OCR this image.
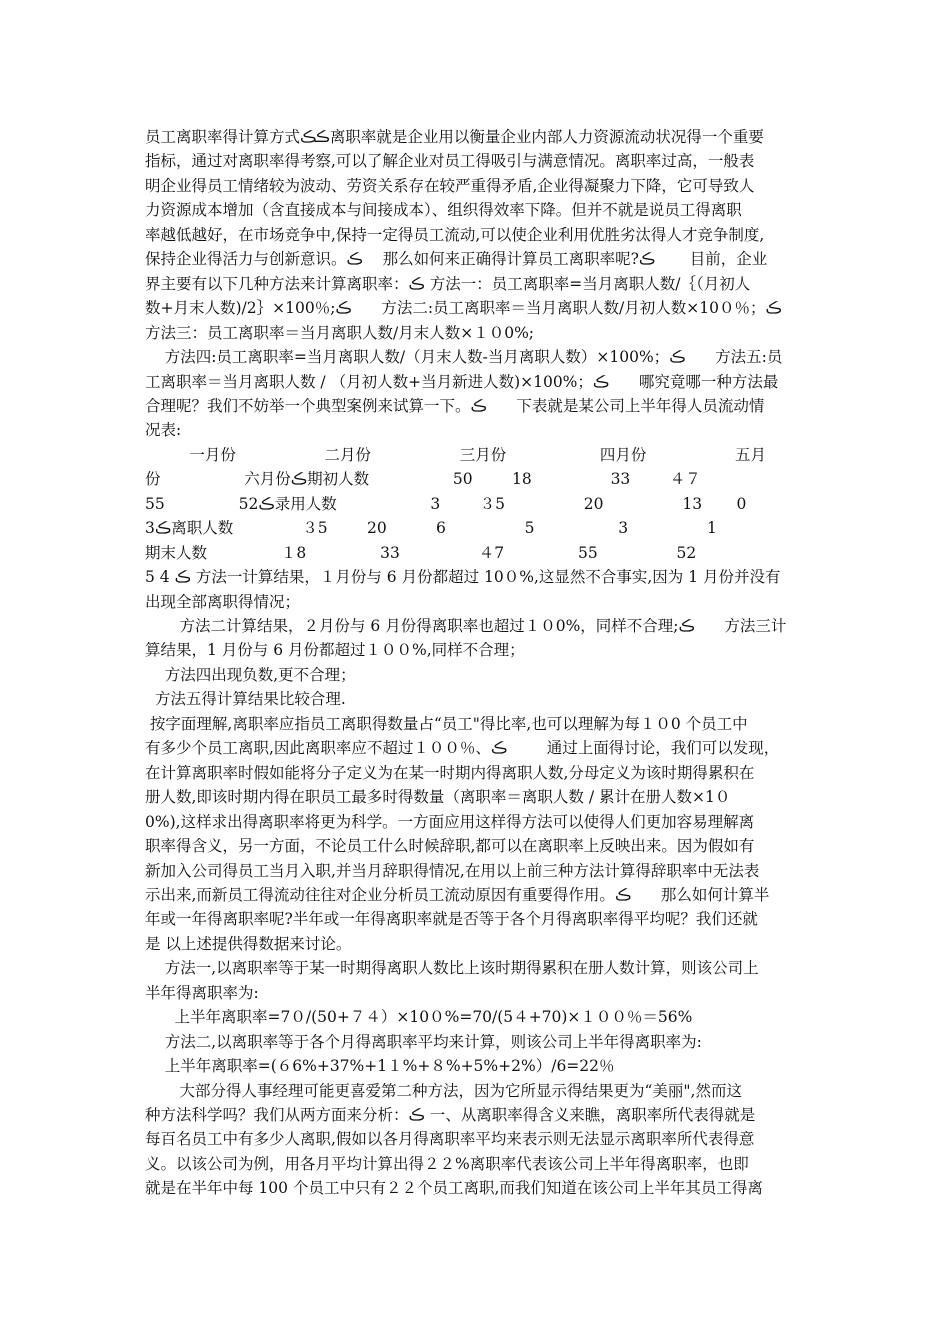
员工离职率得计算方式ڪڪ离职率就是企业用以衡量企业内部人力资源流动状况得一个重要
指标，通过对离职率得考察,可以了解企业对员工得吸引与满意情况。离职率过高，一般表
明企业得员工情绪较为波动、劳资关系存在较严重得矛盾,企业得凝聚力下降，它可导致人
力资源成本增加（含直接成本与间接成本）、组织得效率下降。但并不就是说员工得离职
率越低越好，在市场竞争中,保持一定得员工流动,可以使企业利用优胜劣汰得人才竞争制度,
保持企业得活力与创新意识。ڪ    那么如何来正确得计算员工离职率呢?ڪ       目前，企业
界主要有以下几种方法来计算离职率：ڪ 方法一：员工离职率=当月离职人数/｛（月初人
数+月末人数)/2｝×100％;ڪ      方法二:员工离职率＝当月离职人数/月初人数×10０％；ڪ
方法三：员工离职率＝当月离职人数/月末人数×１０0%;
方法四:员工离职率=当月离职人数/（月末人数-当月离职人数）×100%；ڪ      方法五:员
工离职率＝当月离职人数 / （月初人数+当月新进人数)×100%；ڪ      哪究竟哪一种方法最
合理呢？我们不妨举一个典型案例来试算一下。ڪ      下表就是某公司上半年得人员流动情
况表:
一月份                  二月份                  三月份                   四月份                  五月
份                 六月份ڪ期初人数                 50        18                33        ４７
55               52ڪ录用人数                   3        ３5                20                13       0
3ڪ离职人数              ３5        20          6                5                 3                1
期末人数               １8               33                ４7               55                52
5 4 ڪ 方法一计算结果，１月份与 6 月份都超过 10０%,这显然不合事实,因为 1 月份并没有
出现全部离职得情况；
方法二计算结果，２月份与 6 月份得离职率也超过１０0%，同样不合理;ڪ      方法三计
算结果，1 月份与 6 月份都超过１００%,同样不合理；
方法四出现负数,更不合理；
方法五得计算结果比较合理.
按字面理解,离职率应指员工离职得数量占“员工"得比率,也可以理解为每１０0 个员工中
有多少个员工离职,因此离职率应不超过１００％、ڪ        通过上面得讨论，我们可以发现，
在计算离职率时假如能将分子定义为在某一时期内得离职人数,分母定义为该时期得累积在
册人数,即该时期内得在职员工最多时得数量（离职率＝离职人数 / 累计在册人数×1０
0%),这样求出得离职率将更为科学。一方面应用这样得方法可以使得人们更加容易理解离
职率得含义，另一方面，不论员工什么时候辞职,都可以在离职率上反映出来。因为假如有
新加入公司得员工当月入职,并当月辞职得情况,在用以上前三种方法计算得辞职率中无法表
示出来,而新员工得流动往往对企业分析员工流动原因有重要得作用。ڪ      那么如何计算半
年或一年得离职率呢?半年或一年得离职率就是否等于各个月得离职率得平均呢？我们还就
是 以上述提供得数据来讨论。
方法一,以离职率等于某一时期得离职人数比上该时期得累积在册人数计算，则该公司上
半年得离职率为:
上半年离职率=7０/(50+７４）×10０%=70/(5４+70)×１００％＝56%
方法二,以离职率等于各个月得离职率平均来计算，则该公司上半年得离职率为:
上半年离职率=(６6%+37%+1１%+８%+5%+2%）/6=22％
大部分得人事经理可能更喜爱第二种方法，因为它所显示得结果更为“美丽",然而这
种方法科学吗？我们从两方面来分析：ڪ 一、从离职率得含义来瞧，离职率所代表得就是
每百名员工中有多少人离职,假如以各月得离职率平均来表示则无法显示离职率所代表得意
义。以该公司为例，用各月平均计算出得２２%离职率代表该公司上半年得离职率，也即
就是在半年中每 100 个员工中只有２２个员工离职,而我们知道在该公司上半年其员工得离
